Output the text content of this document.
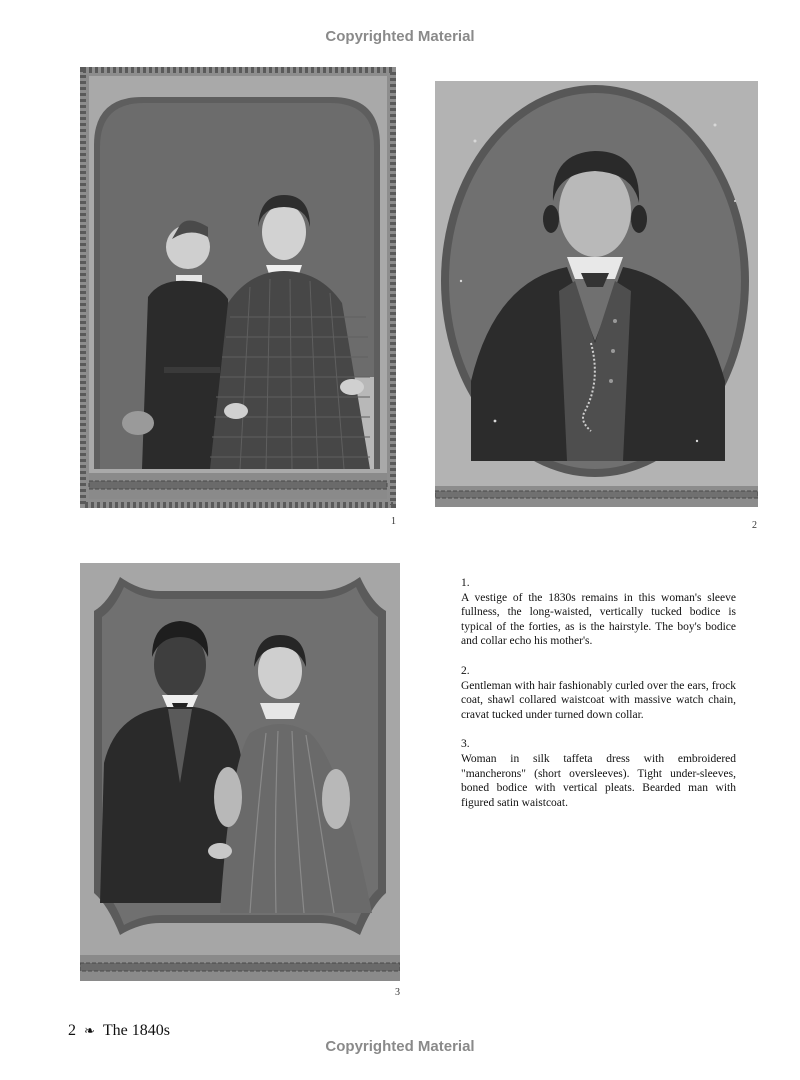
Copyrighted Material
1	2
3
1.
A vestige of the 1830s remains in this woman's sleeve fullness, the long-waisted, vertically tucked bodice is typical of the forties, as is the hairstyle. The boy's bodice and collar echo his mother's.
2.
Gentleman with hair fashionably curled over the ears, frock coat, shawl collared waistcoat with massive watch chain, cravat tucked under turned down collar.
3.
Woman in silk taffeta dress with embroidered "mancherons" (short oversleeves). Tight under-sleeves, boned bodice with vertical pleats. Bearded man with figured satin waistcoat.
2 ❧ The 1840s
Copyrighted Material
